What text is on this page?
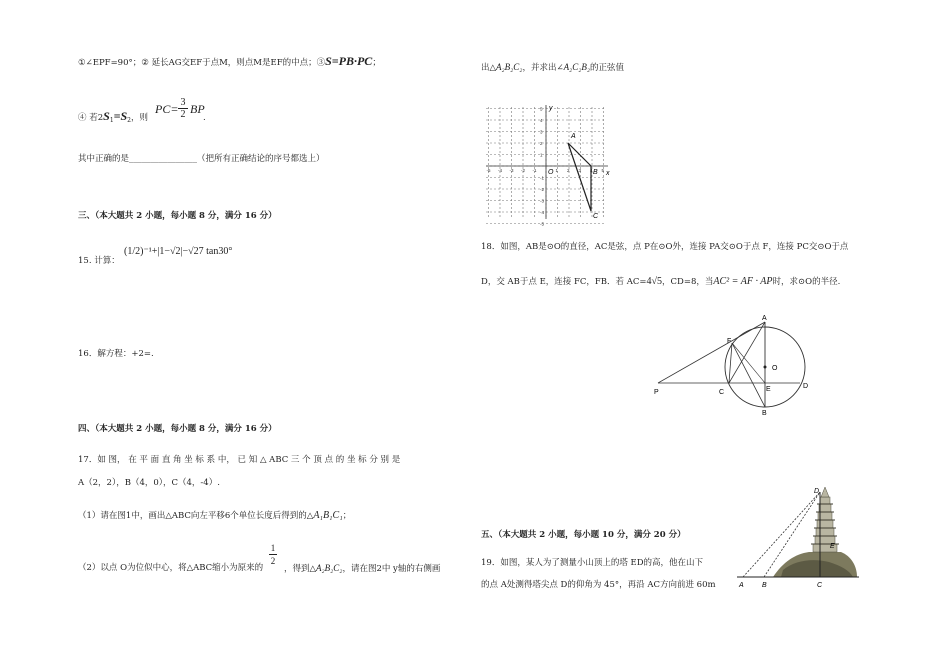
①∠EPF=90°；② 延长AG交EF于点M，则点M是EF的中点；③S=PB·PC；
④ 若$2S_1=S_2$，则
PC= 3
2 BP
.
其中正确的是________________（把所有正确结论的序号都选上）
三、（本大题共 2 小题，每小题 8 分，满分 16 分）
(1/2)⁻¹+|1−√2|−√27 tan30°
15. 计算：
16．解方程：+2=.
四、（本大题共 2 小题，每小题 8 分，满分 16 分）
17．如 图， 在 平 面 直 角 坐 标 系 中， 已 知 △ ABC 三 个 顶 点 的 坐 标 分 别 是
A（2，2），B（4，0），C（4，-4）.
（1）请在图1中，画出△ABC向左平移6个单位长度后得到的△A₁B₁C₁；
（2）以点 O为位似中心，将△ABC缩小为原来的
1
2
，得到△A₂B₂C₂，请在图2中 y轴的右侧画
出△A₂B₂C₂，并求出∠A₂C₂B₂的正弦值
y
x
O
-5 -4 -3 -2 -1	1 2 3 4 5
5
4
3
2
1
-1
-2
-3
-4
-5
A
B
C
18．如图，AB是⊙O的直径，AC是弦，点 P在⊙O外，连接 PA交⊙O于点 F，连接 PC交⊙O于点
D，交 AB于点 E，连接 FC，FB．若 AC=4√5，CD=8，当AC² = AF · AP时，求⊙O的半径.
A
F
O
E
C
D
B
P
五、（本大题共 2 小题，每小题 10 分，满分 20 分）
19．如图，某人为了测量小山顶上的塔 ED的高，他在山下
的点 A处测得塔尖点 D的仰角为 45°，再沿 AC方向前进 60m
D
E
A	B	C
